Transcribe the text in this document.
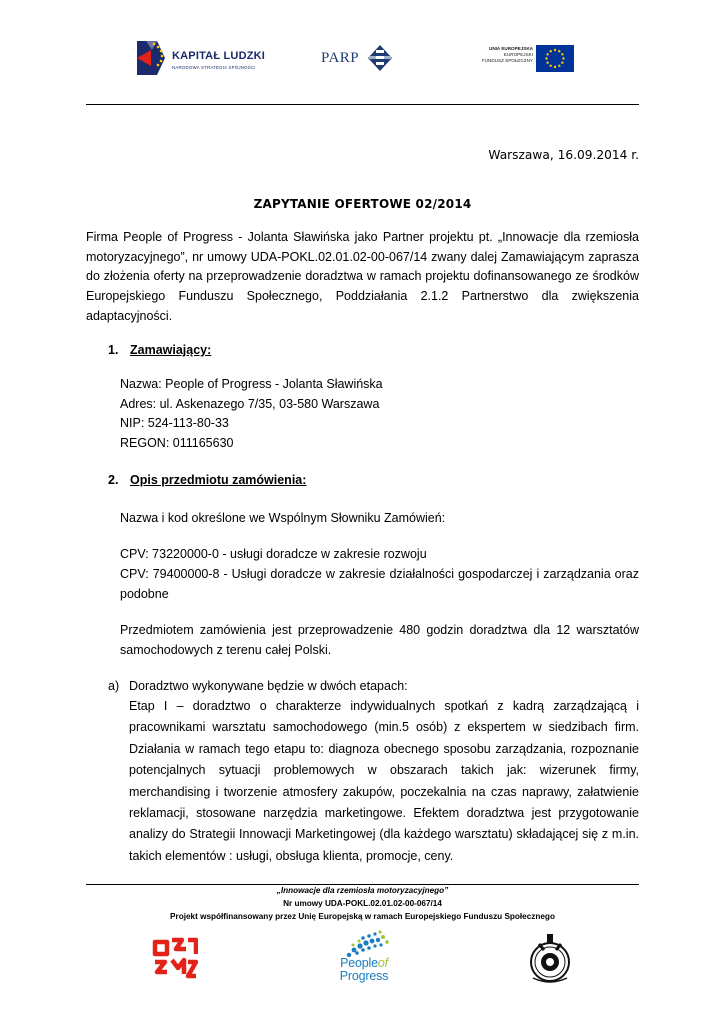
KAPITAŁ LUDZKI
NARODOWA STRATEGIA SPÓJNOŚCI
PARP
UNIA EUROPEJSKA
EUROPEJSKI
FUNDUSZ SPOŁECZNY
Warszawa, 16.09.2014 r.
ZAPYTANIE OFERTOWE 02/2014

Firma People of Progress - Jolanta Sławińska jako Partner projektu pt. „Innowacje dla rzemiosła motoryzacyjnego”, nr umowy UDA-POKL.02.01.02-00-067/14 zwany dalej Zamawiającym zaprasza do złożenia oferty na przeprowadzenie doradztwa w ramach projektu dofinansowanego ze środków Europejskiego Funduszu Społecznego, Poddziałania 2.1.2 Partnerstwo dla zwiększenia adaptacyjności.

1. Zamawiający:
Nazwa: People of Progress - Jolanta Sławińska
Adres: ul. Askenazego 7/35, 03-580 Warszawa
NIP: 524-113-80-33
REGON: 011165630
2. Opis przedmiotu zamówienia:
Nazwa i kod określone we Wspólnym Słowniku Zamówień:
CPV: 73220000-0 - usługi doradcze w zakresie rozwoju

CPV: 79400000-8 - Usługi doradcze w zakresie działalności gospodarczej i zarządzania oraz podobne

Przedmiotem zamówienia jest przeprowadzenie 480 godzin doradztwa dla 12 warsztatów samochodowych z terenu całej Polski.

a) Doradztwo wykonywane będzie w dwóch etapach:

Etap I – doradztwo o charakterze indywidualnych spotkań z kadrą zarządzającą i pracownikami warsztatu samochodowego (min.5 osób) z ekspertem w siedzibach firm. Działania w ramach tego etapu to: diagnoza obecnego sposobu zarządzania, rozpoznanie potencjalnych sytuacji problemowych w obszarach takich jak: wizerunek firmy, merchandising i tworzenie atmosfery zakupów, poczekalnia na czas naprawy, załatwienie reklamacji, stosowane narzędzia marketingowe. Efektem doradztwa jest przygotowanie analizy do Strategii Innowacji Marketingowej (dla każdego warsztatu) składającej się z m.in. takich elementów : usługi, obsługa klienta, promocje, ceny.

„Innowacje dla rzemiosła motoryzacyjnego”
Nr umowy UDA-POKL.02.01.02-00-067/14
Projekt współfinansowany przez Unię Europejską w ramach Europejskiego Funduszu Społecznego
Peopleof
Progress
